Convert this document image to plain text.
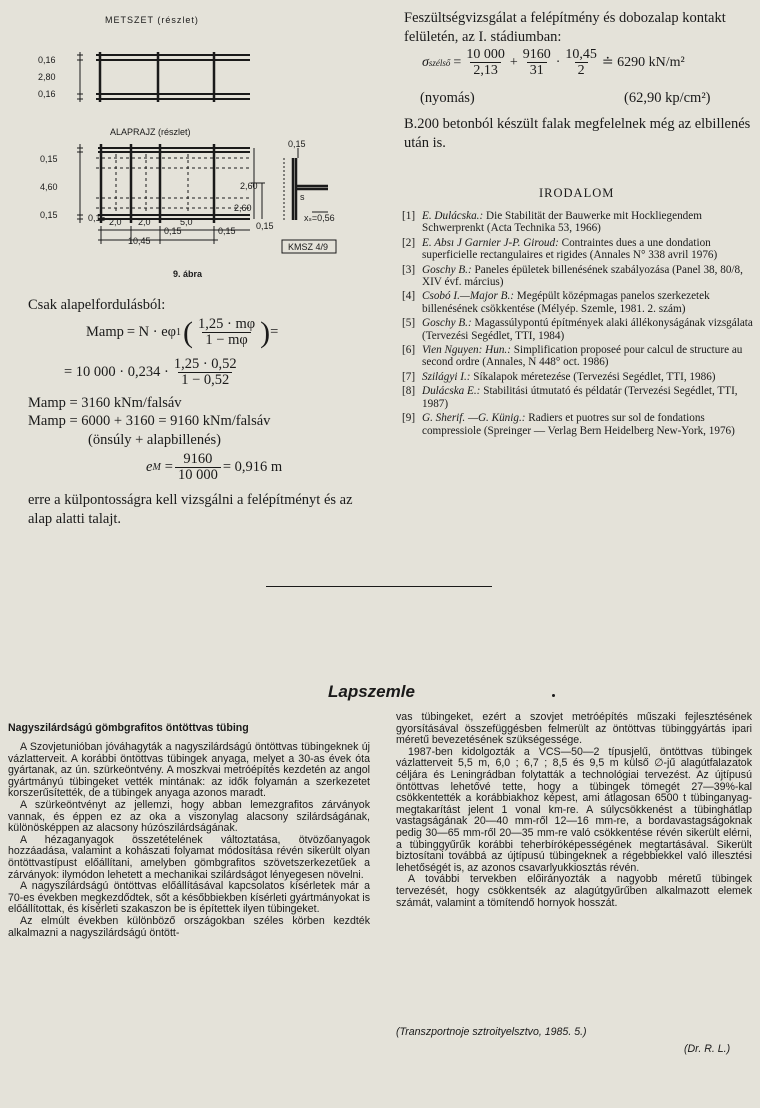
METSZET (részlet)
0,16
2,80
0,16
ALAPRAJZ (részlet)
0,15
4,60
0,15	0,15 2,0 2,0	5,0
0,15	0,15
10,45
2,60
2,60
0,15
0,15
s
xₛ=0,56
KMSZ 4/9
9. ábra
Csak alapelfordulásból:
Mamp = N · eφ 1 ( $\frac{1,25 \cdot m\varphi}{1 - m\varphi}$ ) =
= 10 $000 \cdot 0,234 \cdot \frac{1,25 \cdot 0,52}{1 - 0,52}$
Mamp = 3160 kNm/falsáv
Mamp = 6000 + 3160 = 9160 kNm/falsáv
(önsúly + alapbillenés)
e $M = \frac{9160}{10 000} = 0,916$ m
erre a külpontosságra kell vizsgálni a felépítményt és az alap alatti talajt.
Feszültségvizsgálat a felépítmény és dobozalap kontakt felületén, az I. stádiumban:
σ szélső = $\frac{10 000}{2,13} + \frac{9160}{31} \cdot \frac{10,45}{2}$ ≐ 6290 kN/m²
(nyomás)	(62,90 kp/cm²)
B.200 betonból készült falak megfelelnek még az elbillenés után is.
IRODALOM
[1] E. Dulácska.: Die Stabilität der Bauwerke mit Hockliegendem Schwerprenkt (Acta Technika 53, 1966)
[2] E. Absı J Garnier J-P. Giroud: Contraintes dues a une dondation superficielle rectangulaires et rigides (Annales N° 338 avril 1976)
[3] Goschy B.: Paneles épületek billenésének szabályozása (Panel 38, 80/8, XIV évf. március)
[4] Csobó I.—Major B.: Megépült középmagas panelos szerkezetek billenésének csökkentése (Mélyép. Szemle, 1981. 2. szám)
[5] Goschy B.: Magassúlypontú építmények alaki állékonyságának vizsgálata (Tervezési Segédlet, TTI, 1984)
[6] Vien Nguyen: Hun.: Simplification proposeé pour calcul de structure au second ordre (Annales, N 448° oct. 1986)
[7] Szilágyi I.: Síkalapok méretezése (Tervezési Segédlet, TTI, 1986)
[8] Dulácska E.: Stabilitási útmutató és példatár (Tervezési Segédlet, TTI, 1987)
[9] G. Sherif. —G. Künig.: Radiers et puotres sur sol de fondations compressiole (Spreinger — Verlag Bern Heidelberg New-York, 1976)
Lapszemle
Nagyszilárdságú gömbgrafitos öntöttvas tübing

A Szovjetunióban jóváhagyták a nagyszilárdságú öntöttvas tübingeknek új vázlatterveit. A korábbi öntöttvas tübingek anyaga, melyet a 30-as évek óta gyártanak, az ún. szürkeöntvény. A moszkvai metróépítés kezdetén az angol gyártmányú tübingeket vették mintának: az idők folyamán a szerkezetet korszerűsítették, de a tübingek anyaga azonos maradt.

A szürkeöntvényt az jellemzi, hogy abban lemezgrafitos zárványok vannak, és éppen ez az oka a viszonylag alacsony szilárdságának, különösképpen az alacsony húzószilárdságának.

A hézaganyagok összetételének változtatása, ötvözőanyagok hozzáadása, valamint a kohászati folyamat módosítása révén sikerült olyan öntöttvastípust előállítani, amelyben gömbgrafitos szövetszerkezetűek a zárványok: ilymódon lehetett a mechanikai szilárdságot lényegesen növelni.

A nagyszilárdságú öntöttvas előállításával kapcsolatos kísérletek már a 70-es években megkezdődtek, sőt a későbbiekben kísérleti gyártmányokat is előállítottak, és kísérleti szakaszon be is építettek ilyen tübingeket.

Az elmúlt években különböző országokban széles körben kezdték alkalmazni a nagyszilárdságú öntött-

vas tübingeket, ezért a szovjet metróépítés műszaki fejlesztésének gyorsításával összefüggésben felmerült az öntöttvas tübinggyártás ipari méretű bevezetésének szükségessége.

1987-ben kidolgozták a VCS—50—2 típusjelű, öntöttvas tübingek vázlatterveit 5,5 m, 6,0 ; 6,7 ; 8,5 és 9,5 m külső ∅-jű alagútfalazatok céljára és Leningrádban folytatták a technológiai tervezést. Az újtípusú öntöttvas lehetővé tette, hogy a tübingek tömegét 27—39%-kal csökkentették a korábbiakhoz képest, ami átlagosan 6500 t tübinganyag-megtakarítást jelent 1 vonal km-re. A súlycsökkenést a tübinghátlap vastagságának 20—40 mm-ről 12—16 mm-re, a bordavastagságoknak pedig 30—65 mm-ről 20—35 mm-re való csökkentése révén sikerült elérni, a tübinggyűrűk korábbi teherbíróképességének megtartásával. Sikerült biztosítani továbbá az újtípusú tübingeknek a régebbiekkel való illesztési lehetőségét is, az azonos csavarlyukkiosztás révén.

A további tervekben előirányozták a nagyobb méretű tübingek tervezését, hogy csökkentsék az alagútgyűrűben alkalmazott elemek számát, valamint a tömítendő hornyok hosszát.

(Transzportnoje sztroityelsztvo, 1985. 5.)
(Dr. R. L.)
